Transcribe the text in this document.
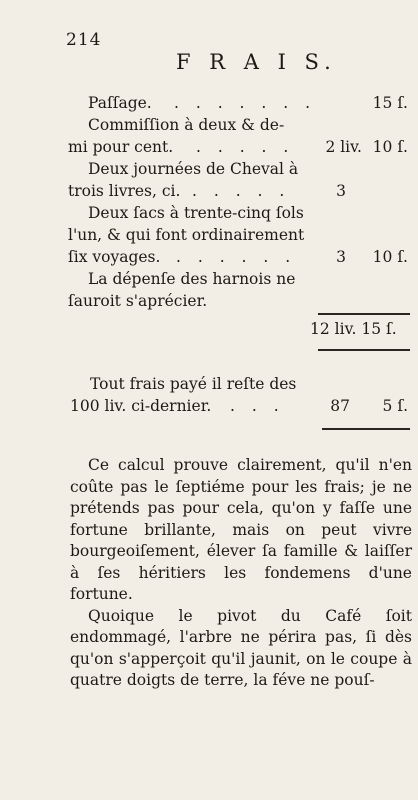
214
F R A I S.
Paſſage. . . . . . . .	15 ſ.
Commiſſion à deux & de-
mi pour cent. . . . . . 2 liv. 10 ſ.
Deux journées de Cheval à
trois livres, ci. . . . . .	3
Deux ſacs à trente-cinq ſols
l'un, & qui font ordinairement
ſix voyages. . . . . . .	3 10 ſ.
La dépenſe des harnois ne
ſauroit s'aprécier.
12 liv. 15 ſ.
Tout frais payé il reſte des
100 liv. ci-dernier. . . .	87 5 ſ.

Ce calcul prouve clairement, qu'il n'en coûte pas le ſeptiéme pour les frais; je ne prétends pas pour cela, qu'on y faſſe une fortune brillante, mais on peut vivre bourgeoiſement, élever ſa famille & laiſſer à ſes héritiers les fondemens d'une fortune.

Quoique le pivot du Café ſoit endommagé, l'arbre ne périra pas, ſi dès qu'on s'apperçoit qu'il jaunit, on le coupe à quatre doigts de terre, la féve ne pouſ-
